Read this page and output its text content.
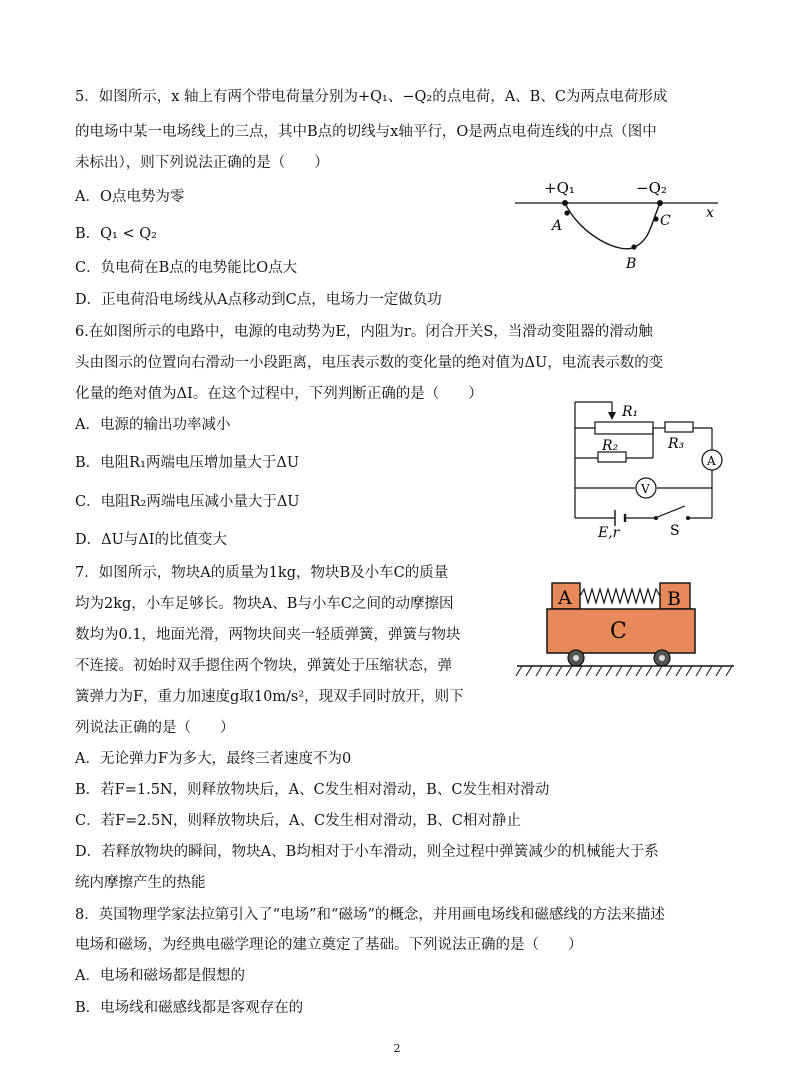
5．如图所示，x 轴上有两个带电荷量分别为+Q₁、−Q₂的点电荷，A、B、C为两点电荷形成
的电场中某一电场线上的三点，其中B点的切线与x轴平行，O是两点电荷连线的中点（图中
未标出），则下列说法正确的是（　　）
A．O点电势为零
B．Q₁ < Q₂
C．负电荷在B点的电势能比O点大
D．正电荷沿电场线从A点移动到C点，电场力一定做负功
+Q₁	−Q₂
A
B
C	x
6.在如图所示的电路中，电源的电动势为E，内阻为r。闭合开关S，当滑动变阻器的滑动触
头由图示的位置向右滑动一小段距离，电压表示数的变化量的绝对值为ΔU，电流表示数的变
化量的绝对值为ΔI。在这个过程中，下列判断正确的是（　　）
A．电源的输出功率减小
B．电阻R₁两端电压增加量大于ΔU
C．电阻R₂两端电压减小量大于ΔU
D．ΔU与ΔI的比值变大
R₁
R₂	R₃
A
V
E,r	S
7．如图所示，物块A的质量为1kg，物块B及小车C的质量
均为2kg，小车足够长。物块A、B与小车C之间的动摩擦因
数均为0.1，地面光滑，两物块间夹一轻质弹簧，弹簧与物块
不连接。初始时双手摁住两个物块，弹簧处于压缩状态，弹
簧弹力为F，重力加速度g取10m/s²，现双手同时放开，则下
列说法正确的是（　　）
A．无论弹力F为多大，最终三者速度不为0
B．若F=1.5N，则释放物块后，A、C发生相对滑动，B、C发生相对滑动
C．若F=2.5N，则释放物块后，A、C发生相对滑动，B、C相对静止
D．若释放物块的瞬间，物块A、B均相对于小车滑动，则全过程中弹簧减少的机械能大于系
统内摩擦产生的热能
A	B
C
8．英国物理学家法拉第引入了“电场”和“磁场”的概念，并用画电场线和磁感线的方法来描述
电场和磁场，为经典电磁学理论的建立奠定了基础。下列说法正确的是（　　）
A．电场和磁场都是假想的
B．电场线和磁感线都是客观存在的
2
